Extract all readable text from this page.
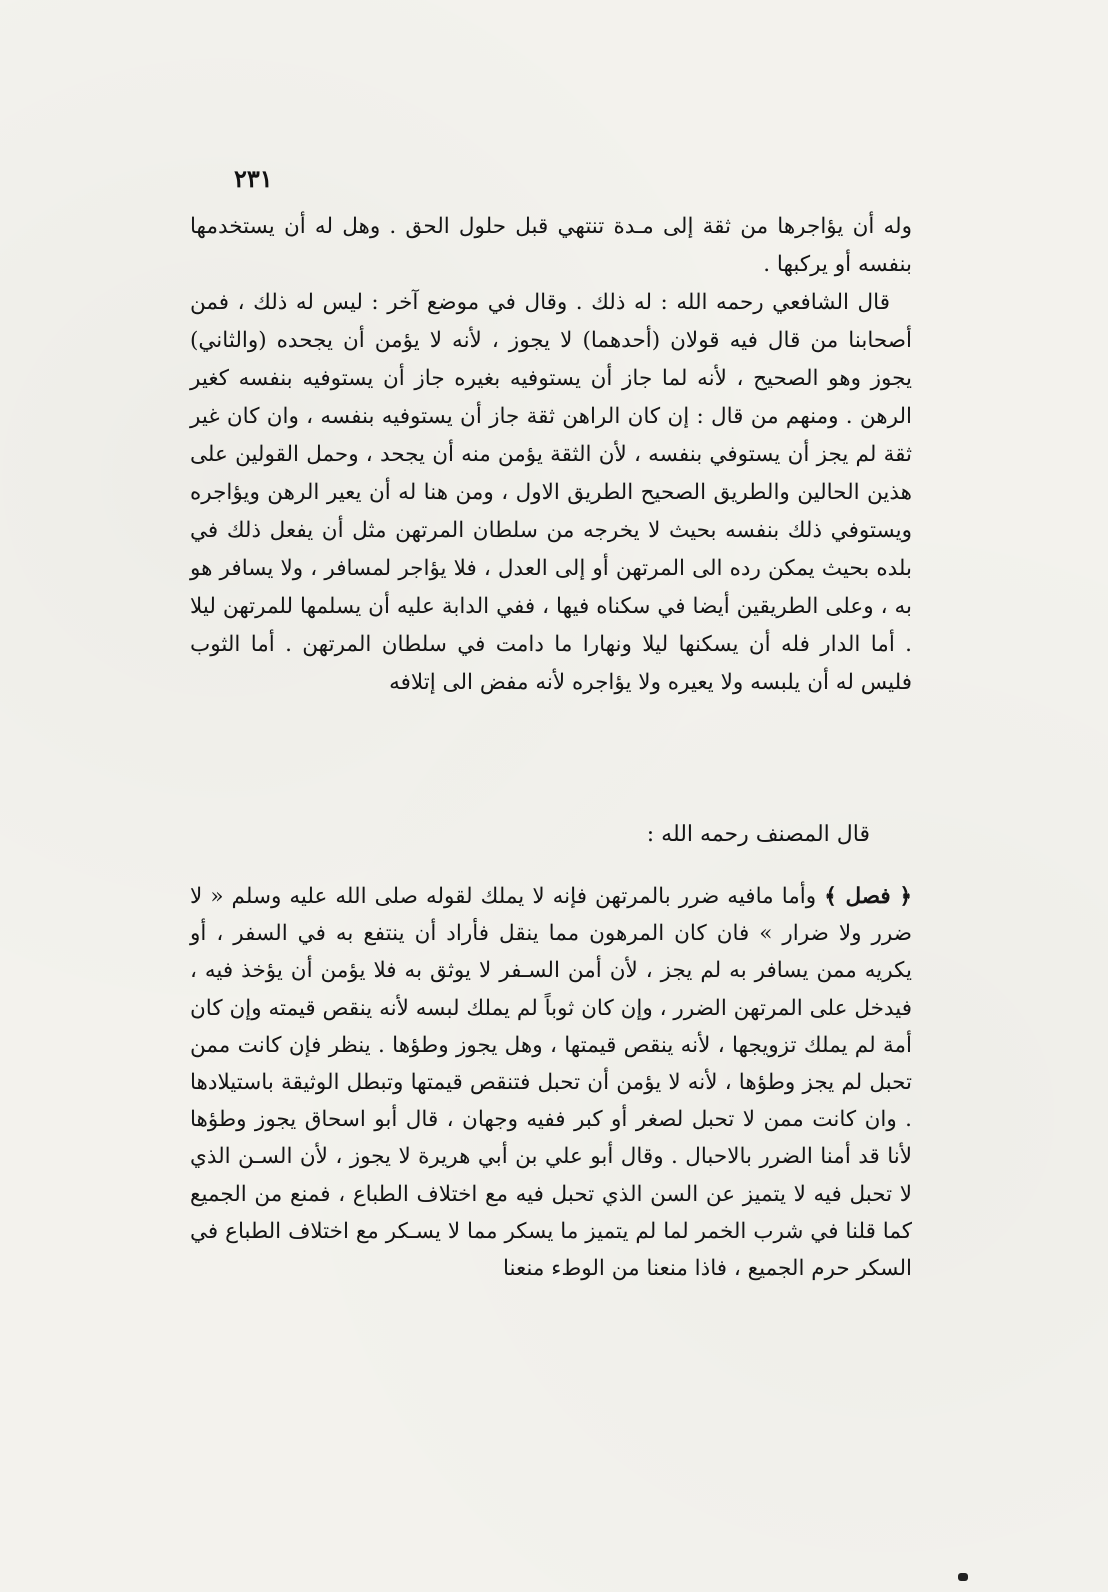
٢٣١

وله أن يؤاجرها من ثقة إلى مـدة تنتهي قبل حلول الحق . وهل له أن يستخدمها بنفسه أو يركبها .

قال الشافعي رحمه الله : له ذلك . وقال في موضع آخر : ليس له ذلك ، فمن أصحابنا من قال فيه قولان (أحدهما) لا يجوز ، لأنه لا يؤمن أن يجحده (والثاني) يجوز وهو الصحيح ، لأنه لما جاز أن يستوفيه بغيره جاز أن يستوفيه بنفسه كغير الرهن . ومنهم من قال : إن كان الراهن ثقة جاز أن يستوفيه بنفسه ، وان كان غير ثقة لم يجز أن يستوفي بنفسه ، لأن الثقة يؤمن منه أن يجحد ، وحمل القولين على هذين الحالين والطريق الصحيح الطريق الاول ، ومن هنا له أن يعير الرهن ويؤاجره ويستوفي ذلك بنفسه بحيث لا يخرجه من سلطان المرتهن مثل أن يفعل ذلك في بلده بحيث يمكن رده الى المرتهن أو إلى العدل ، فلا يؤاجر لمسافر ، ولا يسافر هو به ، وعلى الطريقين أيضا في سكناه فيها ، ففي الدابة عليه أن يسلمها للمرتهن ليلا . أما الدار فله أن يسكنها ليلا ونهارا ما دامت في سلطان المرتهن . أما الثوب فليس له أن يلبسه ولا يعيره ولا يؤاجره لأنه مفض الى إتلافه

قال المصنف رحمه الله :

﴿ فصل ﴾ وأما مافيه ضرر بالمرتهن فإنه لا يملك لقوله صلى الله عليه وسلم « لا ضرر ولا ضرار » فان كان المرهون مما ينقل فأراد أن ينتفع به في السفر ، أو يكريه ممن يسافر به لم يجز ، لأن أمن السـفر لا يوثق به فلا يؤمن أن يؤخذ فيه ، فيدخل على المرتهن الضرر ، وإن كان ثوباً لم يملك لبسه لأنه ينقص قيمته وإن كان أمة لم يملك تزويجها ، لأنه ينقص قيمتها ، وهل يجوز وطؤها . ينظر فإن كانت ممن تحبل لم يجز وطؤها ، لأنه لا يؤمن أن تحبل فتنقص قيمتها وتبطل الوثيقة باستيلادها . وان كانت ممن لا تحبل لصغر أو كبر ففيه وجهان ، قال أبو اسحاق يجوز وطؤها لأنا قد أمنا الضرر بالاحبال . وقال أبو علي بن أبي هريرة لا يجوز ، لأن السـن الذي لا تحبل فيه لا يتميز عن السن الذي تحبل فيه مع اختلاف الطباع ، فمنع من الجميع كما قلنا في شرب الخمر لما لم يتميز ما يسكر مما لا يسـكر مع اختلاف الطباع في السكر حرم الجميع ، فاذا منعنا من الوطء منعنا
